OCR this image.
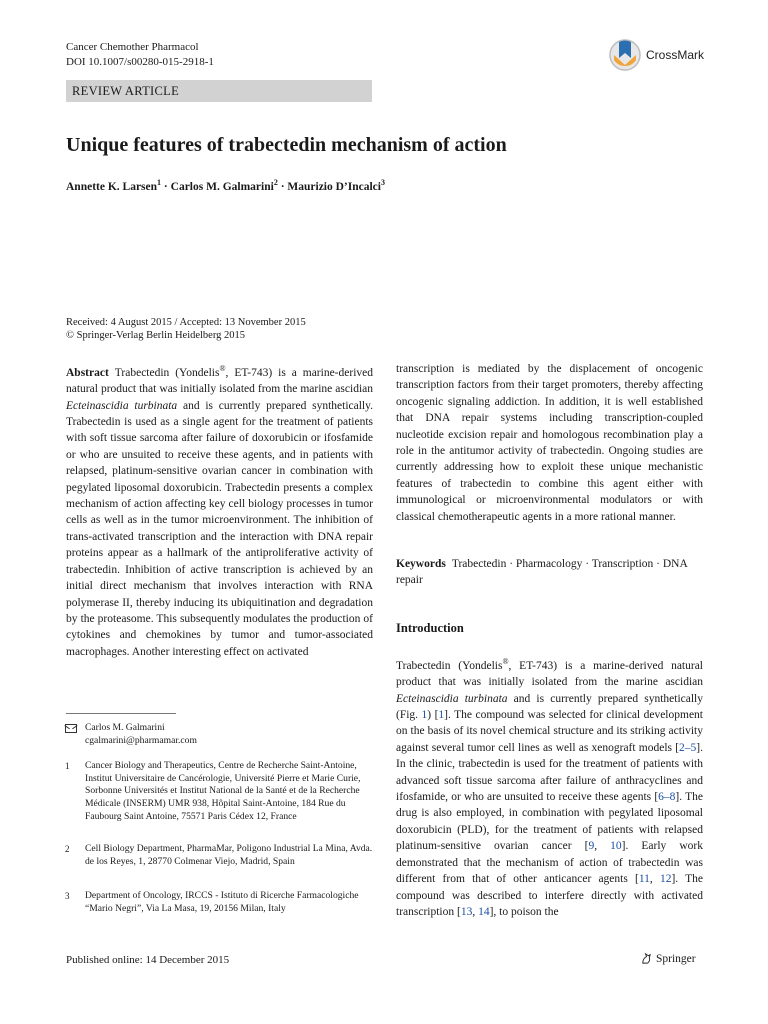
Cancer Chemother Pharmacol
DOI 10.1007/s00280-015-2918-1	CrossMark
REVIEW ARTICLE
Unique features of trabectedin mechanism of action
Annette K. Larsen$^1$ · Carlos M. Galmarini$^2$ · Maurizio D’Incalci$^3$
Received: 4 August 2015 / Accepted: 13 November 2015
© Springer-Verlag Berlin Heidelberg 2015
Abstract Trabectedin (Yondelis®, ET-743) is a marine-derived natural product that was initially isolated from the marine ascidian Ecteinascidia turbinata and is currently prepared synthetically. Trabectedin is used as a single agent for the treatment of patients with soft tissue sarcoma after failure of doxorubicin or ifosfamide or who are unsuited to receive these agents, and in patients with relapsed, platinum-sensitive ovarian cancer in combination with pegylated liposomal doxorubicin. Trabectedin presents a complex mechanism of action affecting key cell biology processes in tumor cells as well as in the tumor microenvironment. The inhibition of trans-activated transcription and the interaction with DNA repair proteins appear as a hallmark of the antiproliferative activity of trabectedin. Inhibition of active transcription is achieved by an initial direct mechanism that involves interaction with RNA polymerase II, thereby inducing its ubiquitination and degradation by the proteasome. This subsequently modulates the production of cytokines and chemokines by tumor and tumor-associated macrophages. Another interesting effect on activated
transcription is mediated by the displacement of oncogenic transcription factors from their target promoters, thereby affecting oncogenic signaling addiction. In addition, it is well established that DNA repair systems including transcription-coupled nucleotide excision repair and homologous recombination play a role in the antitumor activity of trabectedin. Ongoing studies are currently addressing how to exploit these unique mechanistic features of trabectedin to combine this agent either with immunological or microenvironmental modulators or with classical chemotherapeutic agents in a more rational manner.
Keywords Trabectedin · Pharmacology · Transcription · DNA repair
Introduction
Trabectedin (Yondelis®, ET-743) is a marine-derived natural product that was initially isolated from the marine ascidian Ecteinascidia turbinata and is currently prepared synthetically (Fig. 1) [1]. The compound was selected for clinical development on the basis of its novel chemical structure and its striking activity against several tumor cell lines as well as xenograft models [2–5]. In the clinic, trabectedin is used for the treatment of patients with advanced soft tissue sarcoma after failure of anthracyclines and ifosfamide, or who are unsuited to receive these agents [6–8]. The drug is also employed, in combination with pegylated liposomal doxorubicin (PLD), for the treatment of patients with relapsed platinum-sensitive ovarian cancer [9, 10]. Early work demonstrated that the mechanism of action of trabectedin was different from that of other anticancer agents [11, 12]. The compound was described to interfere directly with activated transcription [13, 14], to poison the
Carlos M. Galmarini
cgalmarini@pharmamar.com
1 Cancer Biology and Therapeutics, Centre de Recherche Saint-Antoine, Institut Universitaire de Cancérologie, Université Pierre et Marie Curie, Sorbonne Universités et Institut National de la Santé et de la Recherche Médicale (INSERM) UMR 938, Hôpital Saint-Antoine, 184 Rue du Faubourg Saint Antoine, 75571 Paris Cédex 12, France
2 Cell Biology Department, PharmaMar, Poligono Industrial La Mina, Avda. de los Reyes, 1, 28770 Colmenar Viejo, Madrid, Spain
3 Department of Oncology, IRCCS - Istituto di Ricerche Farmacologiche “Mario Negri”, Via La Masa, 19, 20156 Milan, Italy
Published online: 14 December 2015	Springer
